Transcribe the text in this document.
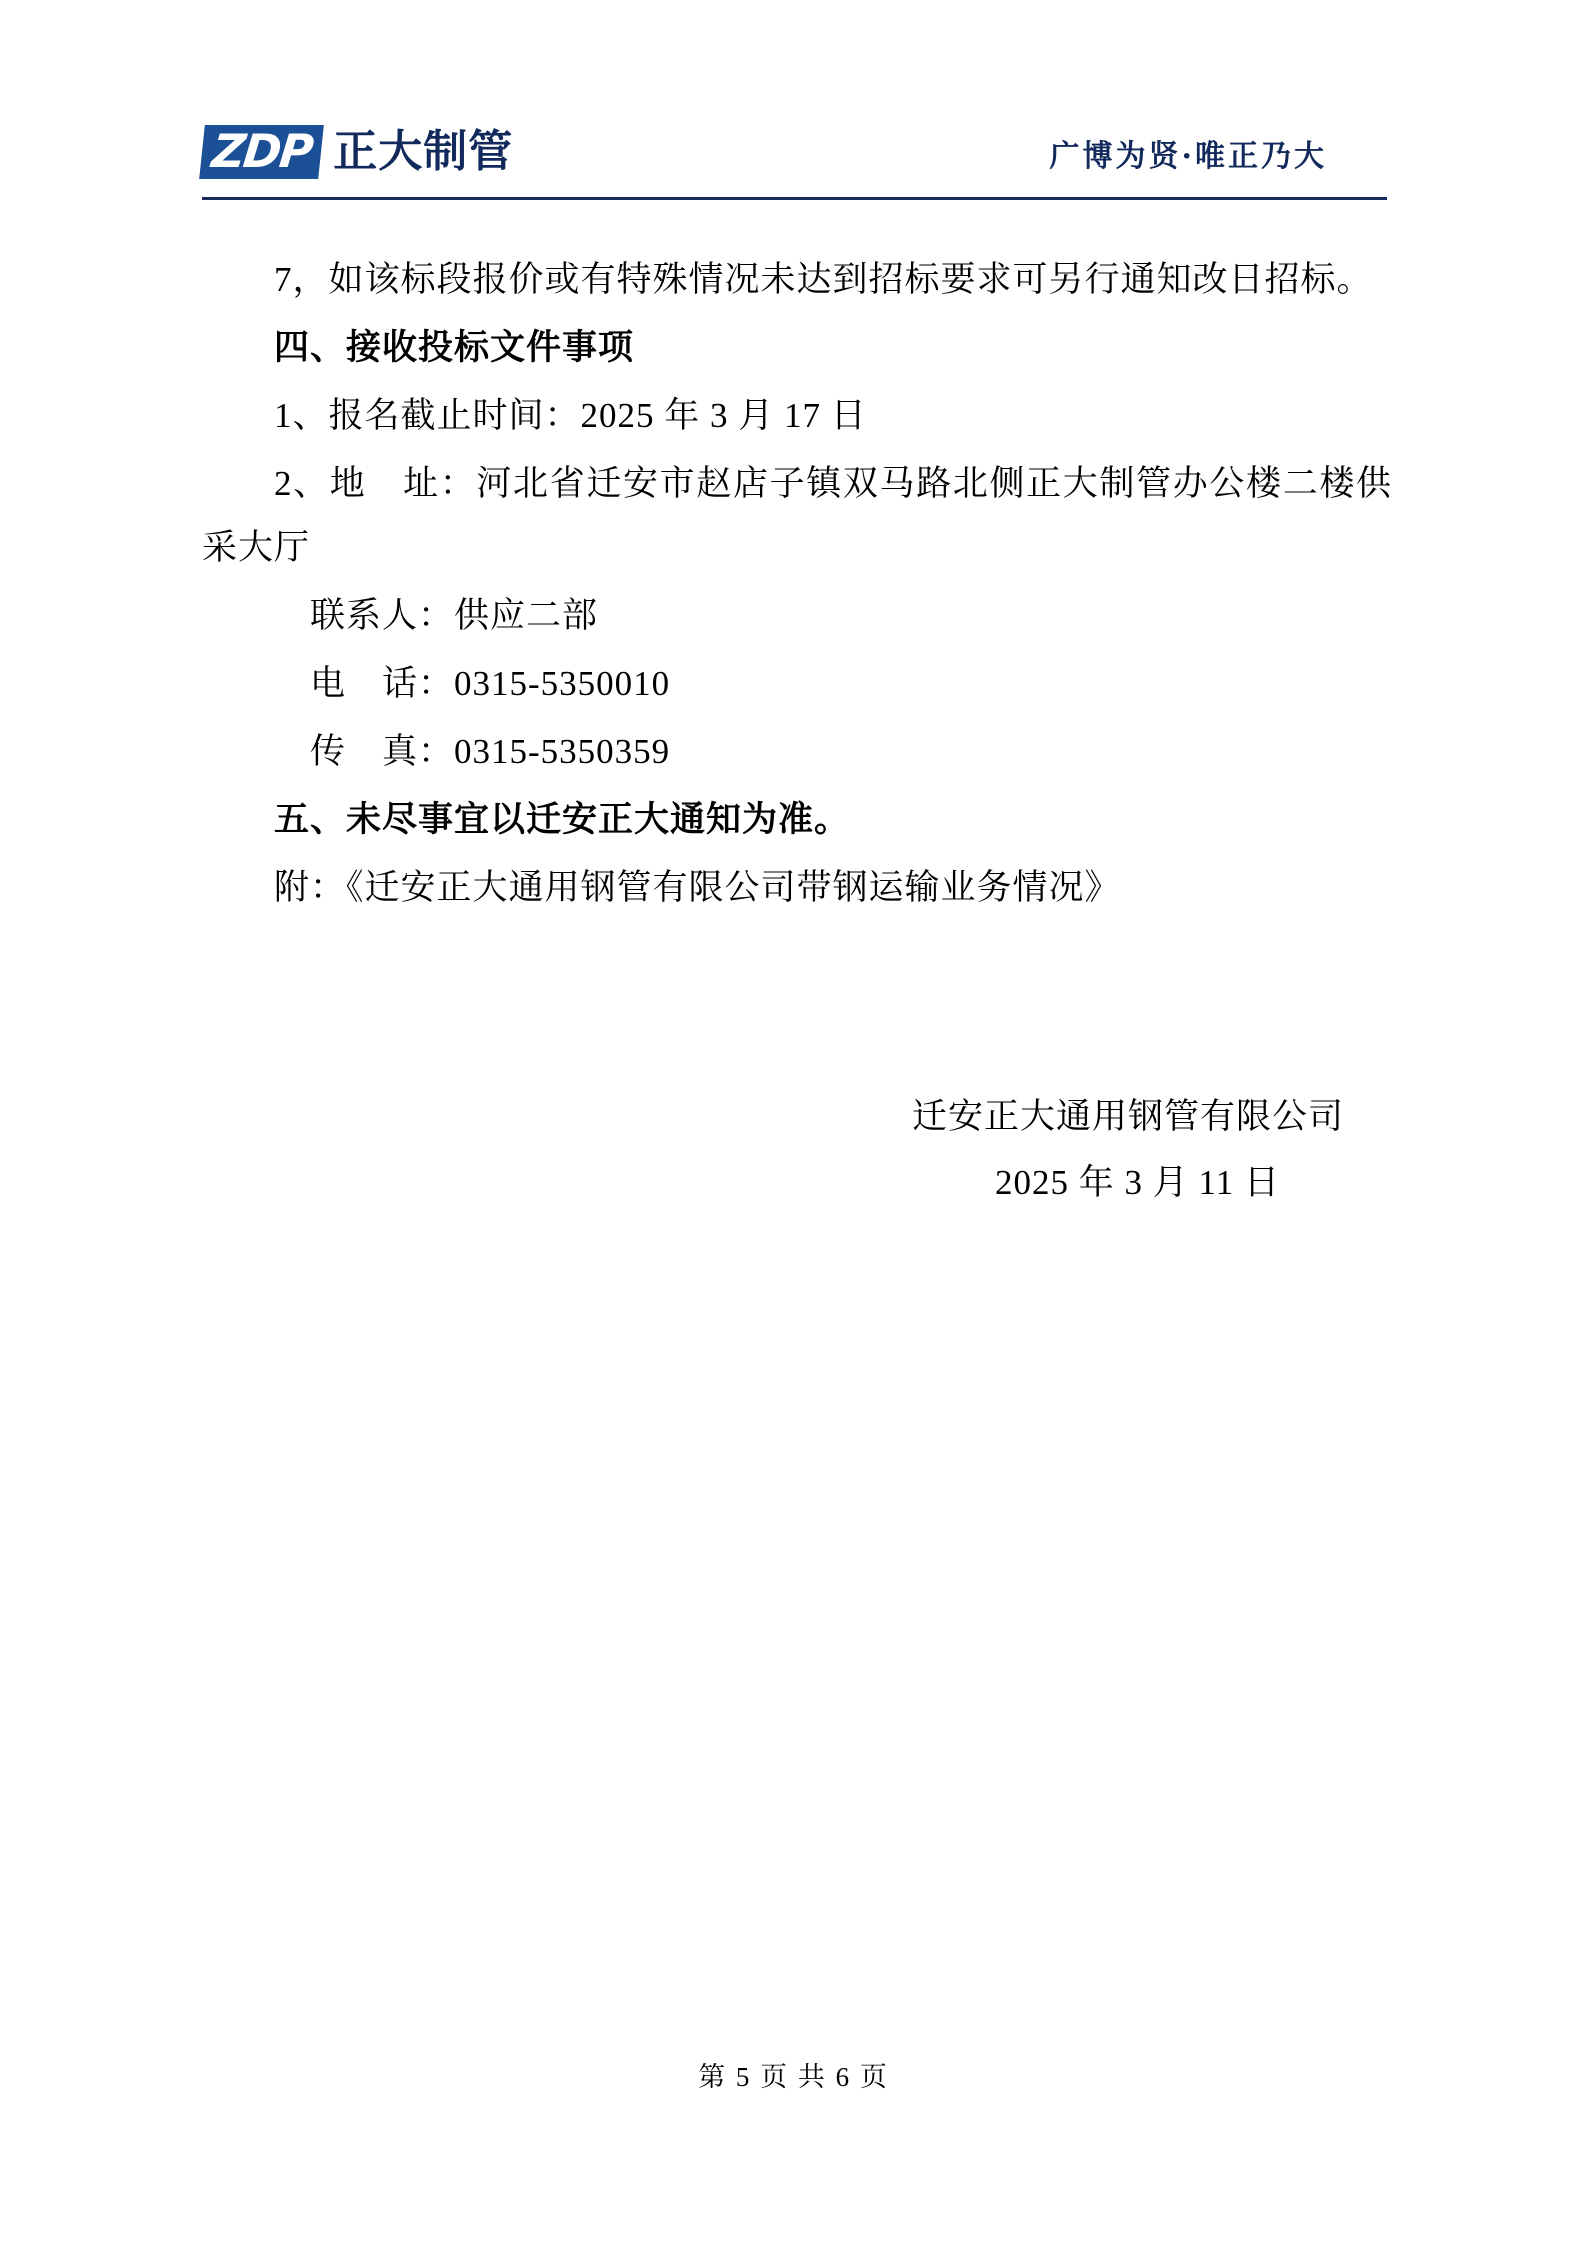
ZDP 正大制管	广博为贤·唯正乃大

7，如该标段报价或有特殊情况未达到招标要求可另行通知改日招标。

四、接收投标文件事项

1、报名截止时间：2025 年 3 月 17 日

2、地　址：河北省迁安市赵店子镇双马路北侧正大制管办公楼二楼供采大厅

联系人：供应二部

电　话：0315-5350010

传　真：0315-5350359

五、未尽事宜以迁安正大通知为准。

附：《迁安正大通用钢管有限公司带钢运输业务情况》

迁安正大通用钢管有限公司
2025 年 3 月 11 日
第 5 页 共 6 页
